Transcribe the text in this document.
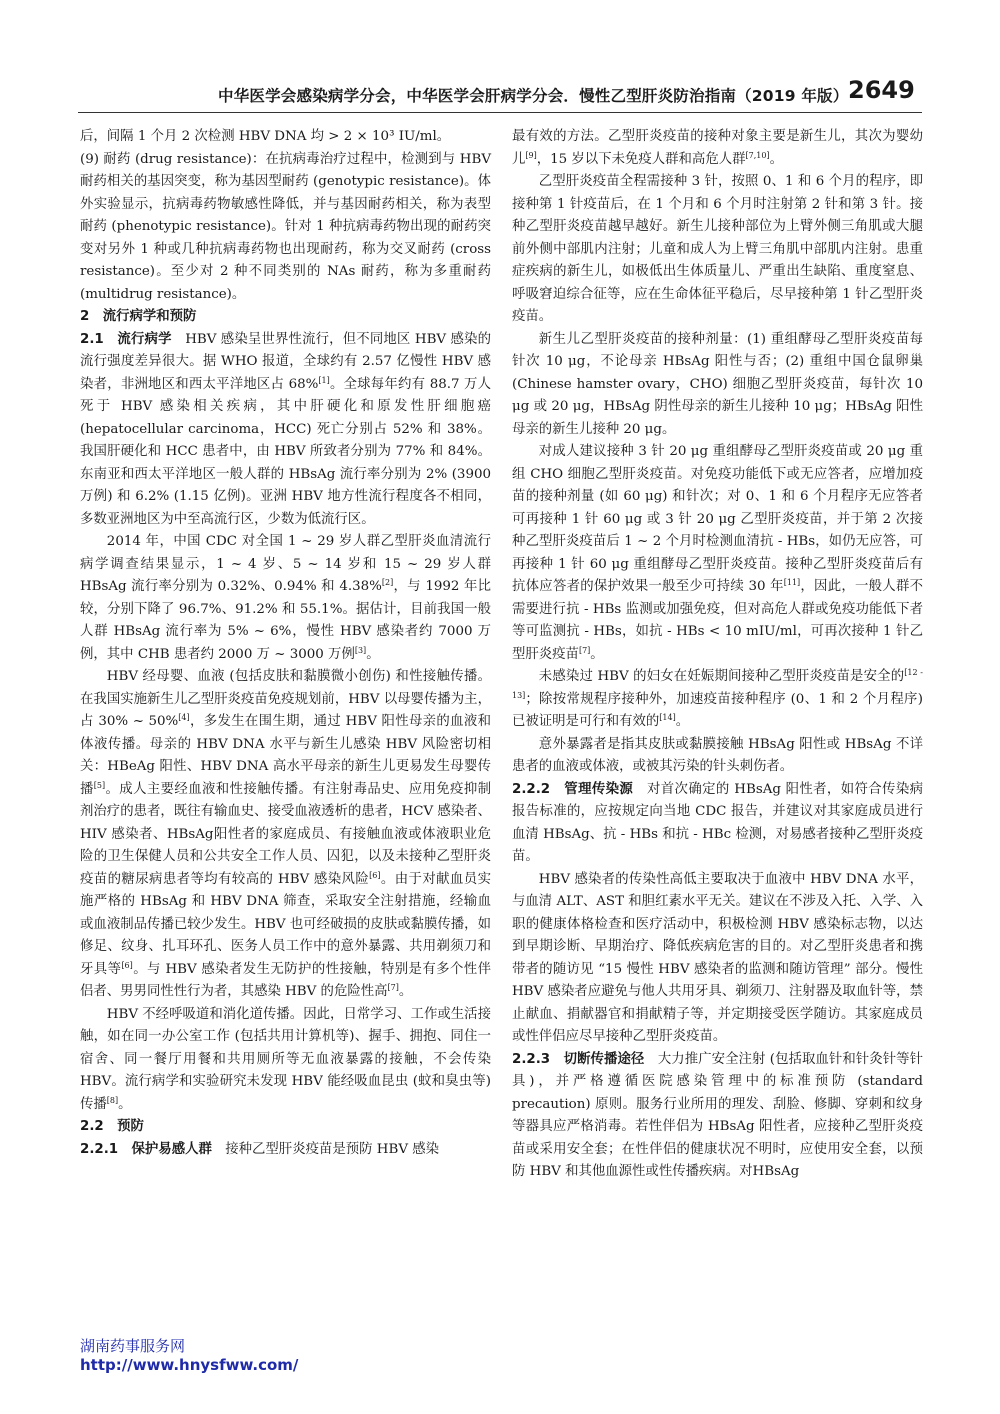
中华医学会感染病学分会，中华医学会肝病学分会．慢性乙型肝炎防治指南（2019 年版） 2649

后，间隔 1 个月 2 次检测 HBV DNA 均 > 2 × 10³ IU/ml。

(9) 耐药 (drug resistance)：在抗病毒治疗过程中，检测到与 HBV 耐药相关的基因突变，称为基因型耐药 (genotypic resistance)。体外实验显示，抗病毒药物敏感性降低，并与基因耐药相关，称为表型耐药 (phenotypic resistance)。针对 1 种抗病毒药物出现的耐药突变对另外 1 种或几种抗病毒药物也出现耐药，称为交叉耐药 (cross resistance)。至少对 2 种不同类别的 NAs 耐药，称为多重耐药 (multidrug resistance)。

2　流行病学和预防

2.1　流行病学　HBV 感染呈世界性流行，但不同地区 HBV 感染的流行强度差异很大。据 WHO 报道，全球约有 2.57 亿慢性 HBV 感染者，非洲地区和西太平洋地区占 68%[1]。全球每年约有 88.7 万人死于 HBV 感染相关疾病，其中肝硬化和原发性肝细胞癌 (hepatocellular carcinoma，HCC) 死亡分别占 52% 和 38%。我国肝硬化和 HCC 患者中，由 HBV 所致者分别为 77% 和 84%。东南亚和西太平洋地区一般人群的 HBsAg 流行率分别为 2% (3900 万例) 和 6.2% (1.15 亿例)。亚洲 HBV 地方性流行程度各不相同，多数亚洲地区为中至高流行区，少数为低流行区。

2014 年，中国 CDC 对全国 1 ~ 29 岁人群乙型肝炎血清流行病学调查结果显示，1 ~ 4 岁、5 ~ 14 岁和 15 ~ 29 岁人群 HBsAg 流行率分别为 0.32%、0.94% 和 4.38%[2]，与 1992 年比较，分别下降了 96.7%、91.2% 和 55.1%。据估计，目前我国一般人群 HBsAg 流行率为 5% ~ 6%，慢性 HBV 感染者约 7000 万例，其中 CHB 患者约 2000 万 ~ 3000 万例[3]。

HBV 经母婴、血液 (包括皮肤和黏膜微小创伤) 和性接触传播。在我国实施新生儿乙型肝炎疫苗免疫规划前，HBV 以母婴传播为主，占 30% ~ 50%[4]，多发生在围生期，通过 HBV 阳性母亲的血液和体液传播。母亲的 HBV DNA 水平与新生儿感染 HBV 风险密切相关：HBeAg 阳性、HBV DNA 高水平母亲的新生儿更易发生母婴传播[5]。成人主要经血液和性接触传播。有注射毒品史、应用免疫抑制剂治疗的患者，既往有输血史、接受血液透析的患者，HCV 感染者、HIV 感染者、HBsAg阳性者的家庭成员、有接触血液或体液职业危险的卫生保健人员和公共安全工作人员、囚犯，以及未接种乙型肝炎疫苗的糖尿病患者等均有较高的 HBV 感染风险[6]。由于对献血员实施严格的 HBsAg 和 HBV DNA 筛查，采取安全注射措施，经输血或血液制品传播已较少发生。HBV 也可经破损的皮肤或黏膜传播，如修足、纹身、扎耳环孔、医务人员工作中的意外暴露、共用剃须刀和牙具等[6]。与 HBV 感染者发生无防护的性接触，特别是有多个性伴侣者、男男同性性行为者，其感染 HBV 的危险性高[7]。

HBV 不经呼吸道和消化道传播。因此，日常学习、工作或生活接触，如在同一办公室工作 (包括共用计算机等)、握手、拥抱、同住一宿舍、同一餐厅用餐和共用厕所等无血液暴露的接触，不会传染 HBV。流行病学和实验研究未发现 HBV 能经吸血昆虫 (蚊和臭虫等) 传播[8]。

2.2　预防

2.2.1　保护易感人群　接种乙型肝炎疫苗是预防 HBV 感染

最有效的方法。乙型肝炎疫苗的接种对象主要是新生儿，其次为婴幼儿[9]，15 岁以下未免疫人群和高危人群[7,10]。

乙型肝炎疫苗全程需接种 3 针，按照 0、1 和 6 个月的程序，即接种第 1 针疫苗后，在 1 个月和 6 个月时注射第 2 针和第 3 针。接种乙型肝炎疫苗越早越好。新生儿接种部位为上臂外侧三角肌或大腿前外侧中部肌内注射；儿童和成人为上臂三角肌中部肌内注射。患重症疾病的新生儿，如极低出生体质量儿、严重出生缺陷、重度窒息、呼吸窘迫综合征等，应在生命体征平稳后，尽早接种第 1 针乙型肝炎疫苗。

新生儿乙型肝炎疫苗的接种剂量：(1) 重组酵母乙型肝炎疫苗每针次 10 μg，不论母亲 HBsAg 阳性与否；(2) 重组中国仓鼠卵巢 (Chinese hamster ovary，CHO) 细胞乙型肝炎疫苗，每针次 10 μg 或 20 μg，HBsAg 阴性母亲的新生儿接种 10 μg；HBsAg 阳性母亲的新生儿接种 20 μg。

对成人建议接种 3 针 20 μg 重组酵母乙型肝炎疫苗或 20 μg 重组 CHO 细胞乙型肝炎疫苗。对免疫功能低下或无应答者，应增加疫苗的接种剂量 (如 60 μg) 和针次；对 0、1 和 6 个月程序无应答者可再接种 1 针 60 μg 或 3 针 20 μg 乙型肝炎疫苗，并于第 2 次接种乙型肝炎疫苗后 1 ~ 2 个月时检测血清抗 - HBs，如仍无应答，可再接种 1 针 60 μg 重组酵母乙型肝炎疫苗。接种乙型肝炎疫苗后有抗体应答者的保护效果一般至少可持续 30 年[11]，因此，一般人群不需要进行抗 - HBs 监测或加强免疫，但对高危人群或免疫功能低下者等可监测抗 - HBs，如抗 - HBs < 10 mIU/ml，可再次接种 1 针乙型肝炎疫苗[7]。

未感染过 HBV 的妇女在妊娠期间接种乙型肝炎疫苗是安全的[12 - 13]；除按常规程序接种外，加速疫苗接种程序 (0、1 和 2 个月程序) 已被证明是可行和有效的[14]。

意外暴露者是指其皮肤或黏膜接触 HBsAg 阳性或 HBsAg 不详患者的血液或体液，或被其污染的针头刺伤者。

2.2.2　管理传染源　对首次确定的 HBsAg 阳性者，如符合传染病报告标准的，应按规定向当地 CDC 报告，并建议对其家庭成员进行血清 HBsAg、抗 - HBs 和抗 - HBc 检测，对易感者接种乙型肝炎疫苗。

HBV 感染者的传染性高低主要取决于血液中 HBV DNA 水平，与血清 ALT、AST 和胆红素水平无关。建议在不涉及入托、入学、入职的健康体格检查和医疗活动中，积极检测 HBV 感染标志物，以达到早期诊断、早期治疗、降低疾病危害的目的。对乙型肝炎患者和携带者的随访见 “15 慢性 HBV 感染者的监测和随访管理” 部分。慢性 HBV 感染者应避免与他人共用牙具、剃须刀、注射器及取血针等，禁止献血、捐献器官和捐献精子等，并定期接受医学随访。其家庭成员或性伴侣应尽早接种乙型肝炎疫苗。

2.2.3　切断传播途径　大力推广安全注射 (包括取血针和针灸针等针具)，并严格遵循医院感染管理中的标准预防 (standard precaution) 原则。服务行业所用的理发、刮脸、修脚、穿刺和纹身等器具应严格消毒。若性伴侣为 HBsAg 阳性者，应接种乙型肝炎疫苗或采用安全套；在性伴侣的健康状况不明时，应使用安全套，以预防 HBV 和其他血源性或性传播疾病。对HBsAg

湖南药事服务网
http://www.hnysfww.com/
